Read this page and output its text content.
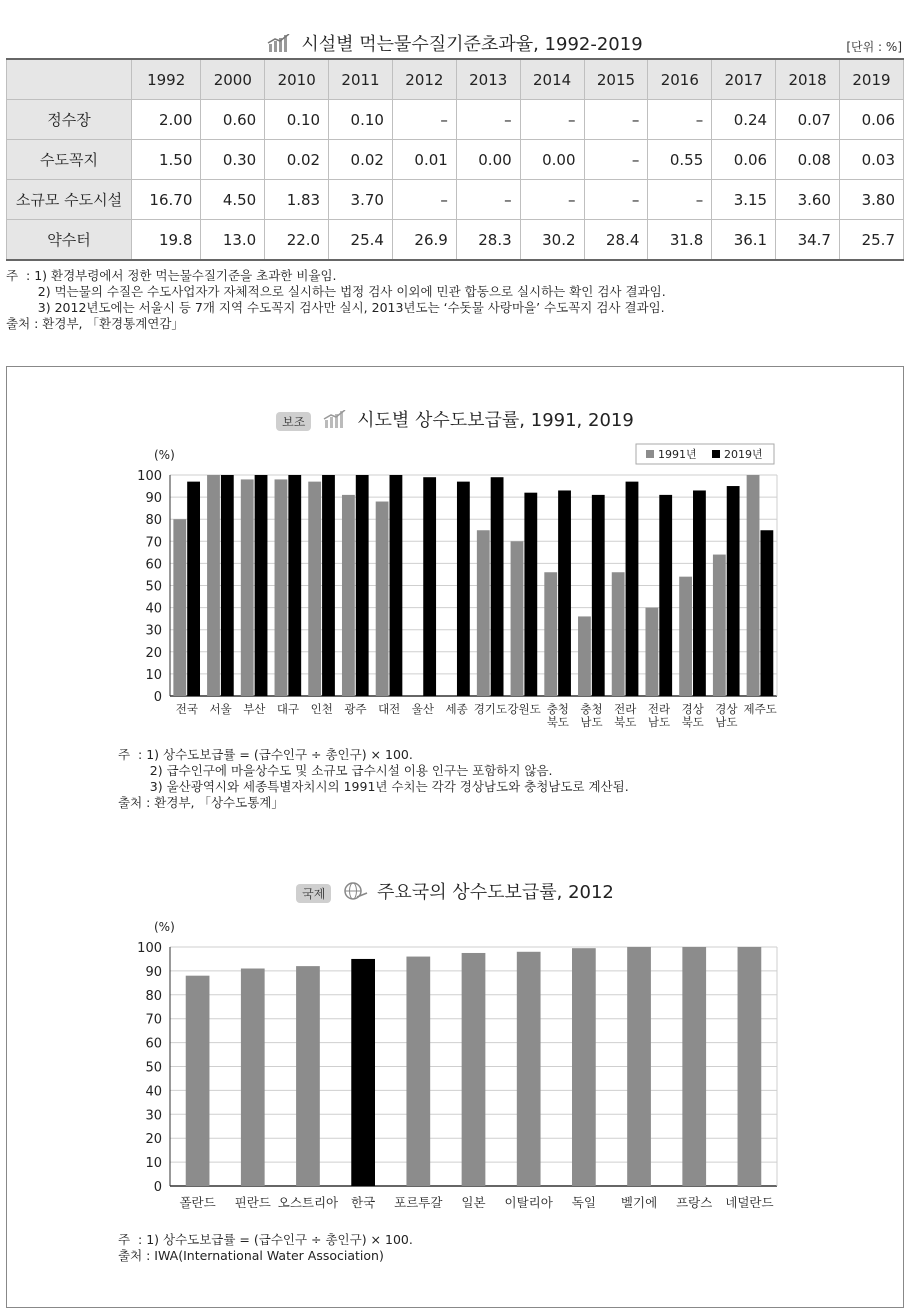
시설별 먹는물수질기준초과율, 1992-2019	[단위 : %]
	1992	2000	2010	2011	2012	2013	2014	2015	2016	2017	2018	2019
정수장	2.00	0.60	0.10	0.10	–	–	–	–	–	0.24	0.07	0.06
수도꼭지	1.50	0.30	0.02	0.02	0.01	0.00	0.00	–	0.55	0.06	0.08	0.03
소규모 수도시설	16.70	4.50	1.83	3.70	–	–	–	–	–	3.15	3.60	3.80
약수터	19.8	13.0	22.0	25.4	26.9	28.3	30.2	28.4	31.8	36.1	34.7	25.7
주  : 1) 환경부령에서 정한 먹는물수질기준을 초과한 비율임.
2) 먹는물의 수질은 수도사업자가 자체적으로 실시하는 법정 검사 이외에 민관 합동으로 실시하는 확인 검사 결과임.
3) 2012년도에는 서울시 등 7개 지역 수도꼭지 검사만 실시, 2013년도는 ‘수돗물 사랑마을’ 수도꼭지 검사 결과임.
출처 : 환경부, 「환경통계연감」
보조	시도별 상수도보급률, 1991, 2019
(%)
0
10
20
30
40
50
60
70
80
90
100
전국 서울 부산 대구 인천 광주 대전 울산 세종 경기도 강원도 충청 북도
충청 남도
전라 북도
전라 남도
경상 북도
경상 남도
제주도
1991년 2019년
주  : 1) 상수도보급률 = (급수인구 ÷ 총인구) × 100.
2) 급수인구에 마을상수도 및 소규모 급수시설 이용 인구는 포함하지 않음.
3) 울산광역시와 세종특별자치시의 1991년 수치는 각각 경상남도와 충청남도로 계산됨.
출처 : 환경부, 「상수도통계」
국제	주요국의 상수도보급률, 2012
(%)
0
10
20
30
40
50
60
70
80
90
100
폴란드 핀란드 오스트리아 한국 포르투갈 일본 이탈리아 독일 벨기에 프랑스 네덜란드
주  : 1) 상수도보급률 = (급수인구 ÷ 총인구) × 100.
출처 : IWA(International Water Association)
